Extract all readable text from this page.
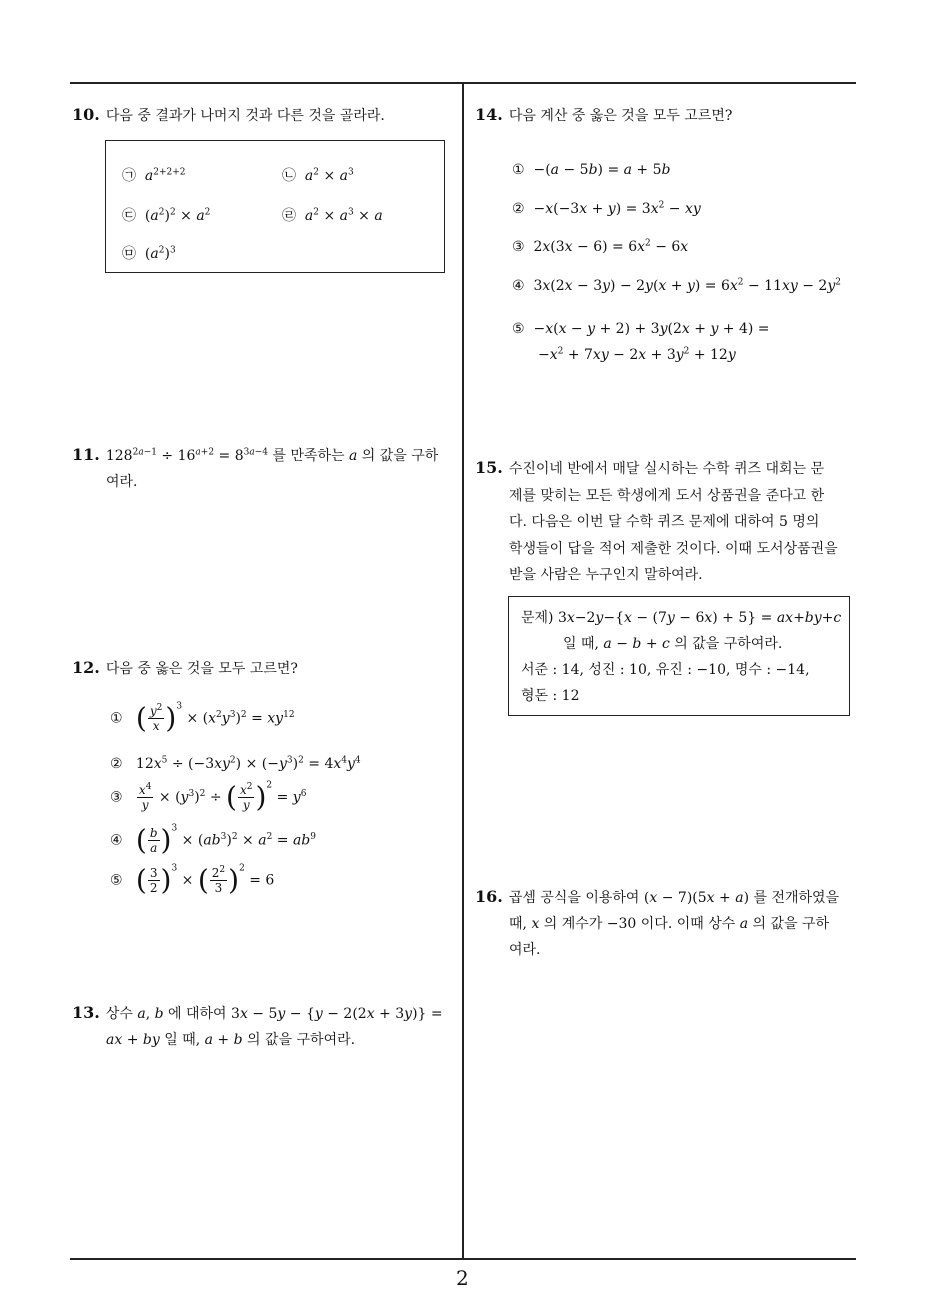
10. 다음 중 결과가 나머지 것과 다른 것을 골라라.
㉠ $a^{2+2+2}$	㉡ $a^2 \times a^3$
㉢  $(a^2)^2 \times a^2$	㉣ $a^2 \times a^3 \times a$
㉤  $(a^2)^3$
11. $128^{2a-1} \div 16^{a+2} = 8^{3a-4}$ 를 만족하는 a 의 값을 구하
여라.
12. 다음 중 옳은 것을 모두 고르면?
① ( $\frac{y^2}{x} )^3 \times (x^2y^3)^2 = xy^{12}$
②   $12x^5 \div (-3xy^2) \times (-y^3)^2 = 4x^4y^4$
③ $\frac{x^4}{y} \times (y^3)^2$ ÷ ( $\frac{x^2}{y} )^2 = y^6$
④ ( $\frac{b}{a} )^3 \times (ab^3)^2 \times a^2 = ab^9$
⑤ ( $\frac{3}{2} )^3$ × ( $\frac{2^2}{3} )^2 = 6$
13. 상수 a, b 에 대하여 3x − 5y − {y − 2(2x + 3y)} =
ax + by 일 때, a + b 의 값을 구하여라.
14. 다음 계산 중 옳은 것을 모두 고르면?
①  −(a − 5b) = a + 5b
②  $-x(-3x + y) = 3x^2$ − xy
③  $2x(3x - 6) = 6x^2 - 6x$
④  $3x(2x - 3y) - 2y(x + y) = 6x^2 - 11xy - 2y^2$
⑤  −x(x − y + 2) + 3y(2x + y + 4) =
$-x^2 + 7xy - 2x + 3y^2 + 12y$
15. 수진이네 반에서 매달 실시하는 수학 퀴즈 대회는 문
제를 맞히는 모든 학생에게 도서 상품권을 준다고 한
다. 다음은 이번 달 수학 퀴즈 문제에 대하여 5 명의
학생들이 답을 적어 제출한 것이다. 이때 도서상품권을
받을 사람은 누구인지 말하여라.
문제) 3x−2y−{x − (7y − 6x) + 5} = ax+by+c
일 때, a − b + c 의 값을 구하여라.
서준 : 14, 성진 : 10, 유진 : −10, 명수 : −14,
형돈 : 12
16. 곱셈 공식을 이용하여 (x − 7)(5x + a) 를 전개하였을
때, x 의 계수가 −30 이다. 이때 상수 a 의 값을 구하
여라.
2
